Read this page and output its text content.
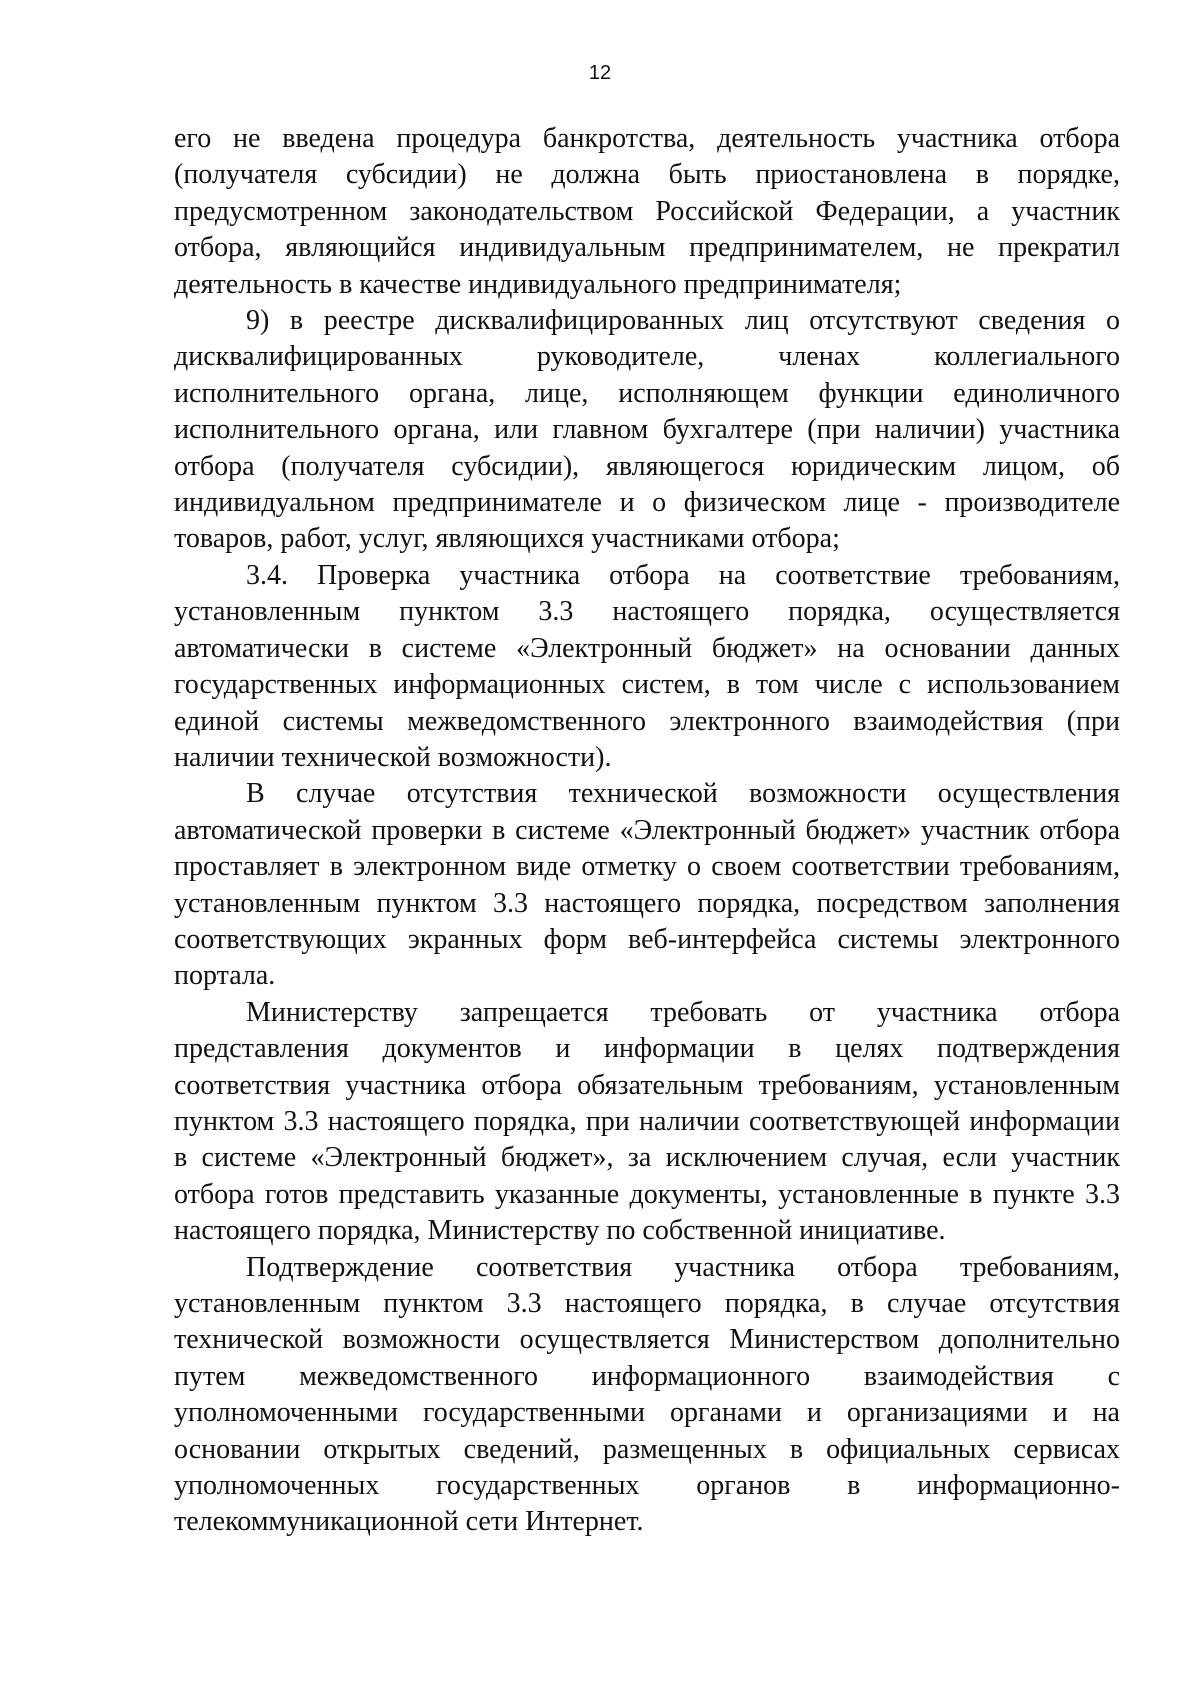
12

его не введена процедура банкротства, деятельность участника отбора (получателя субсидии) не должна быть приостановлена в порядке, предусмотренном законодательством Российской Федерации, а участник отбора, являющийся индивидуальным предпринимателем, не прекратил деятельность в качестве индивидуального предпринимателя;

9) в реестре дисквалифицированных лиц отсутствуют сведения о дисквалифицированных руководителе, членах коллегиального исполнительного органа, лице, исполняющем функции единоличного исполнительного органа, или главном бухгалтере (при наличии) участника отбора (получателя субсидии), являющегося юридическим лицом, об индивидуальном предпринимателе и о физическом лице - производителе товаров, работ, услуг, являющихся участниками отбора;

3.4. Проверка участника отбора на соответствие требованиям, установленным пунктом 3.3 настоящего порядка, осуществляется автоматически в системе «Электронный бюджет» на основании данных государственных информационных систем, в том числе с использованием единой системы межведомственного электронного взаимодействия (при наличии технической возможности).

В случае отсутствия технической возможности осуществления автоматической проверки в системе «Электронный бюджет» участник отбора проставляет в электронном виде отметку о своем соответствии требованиям, установленным пунктом 3.3 настоящего порядка, посредством заполнения соответствующих экранных форм веб-интерфейса системы электронного портала.

Министерству запрещается требовать от участника отбора представления документов и информации в целях подтверждения соответствия участника отбора обязательным требованиям, установленным пунктом 3.3 настоящего порядка, при наличии соответствующей информации в системе «Электронный бюджет», за исключением случая, если участник отбора готов представить указанные документы, установленные в пункте 3.3 настоящего порядка, Министерству по собственной инициативе.

Подтверждение соответствия участника отбора требованиям, установленным пунктом 3.3 настоящего порядка, в случае отсутствия технической возможности осуществляется Министерством дополнительно путем межведомственного информационного взаимодействия с уполномоченными государственными органами и организациями и на основании открытых сведений, размещенных в официальных сервисах уполномоченных государственных органов в информационно-телекоммуникационной сети Интернет.
